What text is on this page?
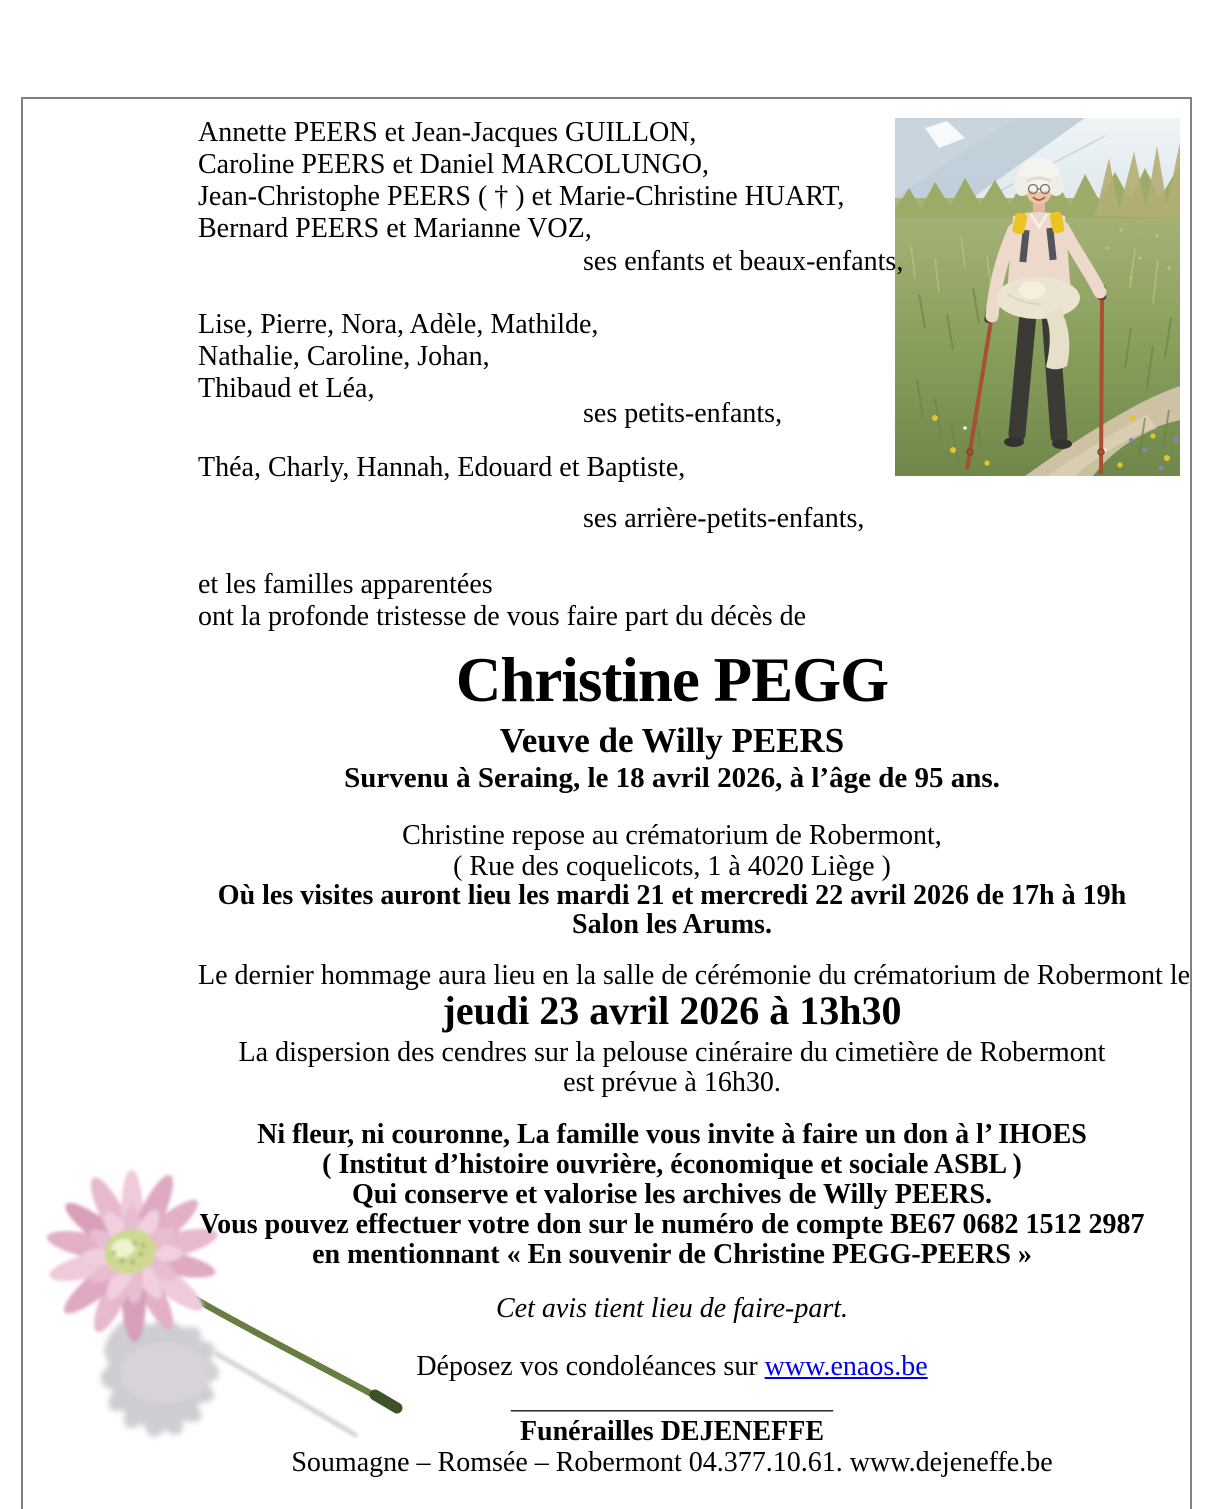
Annette PEERS et Jean-Jacques GUILLON,
Caroline PEERS et Daniel MARCOLUNGO,
Jean-Christophe PEERS ( † ) et Marie-Christine HUART,
Bernard PEERS et Marianne VOZ,
ses enfants et beaux-enfants,
Lise, Pierre, Nora, Adèle, Mathilde,
Nathalie, Caroline, Johan,
Thibaud et Léa,
ses petits-enfants,
Théa, Charly, Hannah, Edouard et Baptiste,
ses arrière-petits-enfants,
et les familles apparentées
ont la profonde tristesse de vous faire part du décès de
Christine PEGG
Veuve de Willy PEERS
Survenu à Seraing, le 18 avril 2026, à l’âge de 95 ans.
Christine repose au crématorium de Robermont,
( Rue des coquelicots, 1 à 4020 Liège )
Où les visites auront lieu les mardi 21 et mercredi 22 avril 2026 de 17h à 19h
Salon les Arums.
Le dernier hommage aura lieu en la salle de cérémonie du crématorium de Robermont le
jeudi 23 avril 2026 à 13h30
La dispersion des cendres sur la pelouse cinéraire du cimetière de Robermont
est prévue à 16h30.
Ni fleur, ni couronne, La famille vous invite à faire un don à l’ IHOES
( Institut d’histoire ouvrière, économique et sociale ASBL )
Qui conserve et valorise les archives de Willy PEERS.
Vous pouvez effectuer votre don sur le numéro de compte BE67 0682 1512 2987
en mentionnant « En souvenir de Christine PEGG-PEERS »
Cet avis tient lieu de faire-part.
Déposez vos condoléances sur www.enaos.be
_______________________
Funérailles DEJENEFFE
Soumagne – Romsée – Robermont 04.377.10.61. www.dejeneffe.be
